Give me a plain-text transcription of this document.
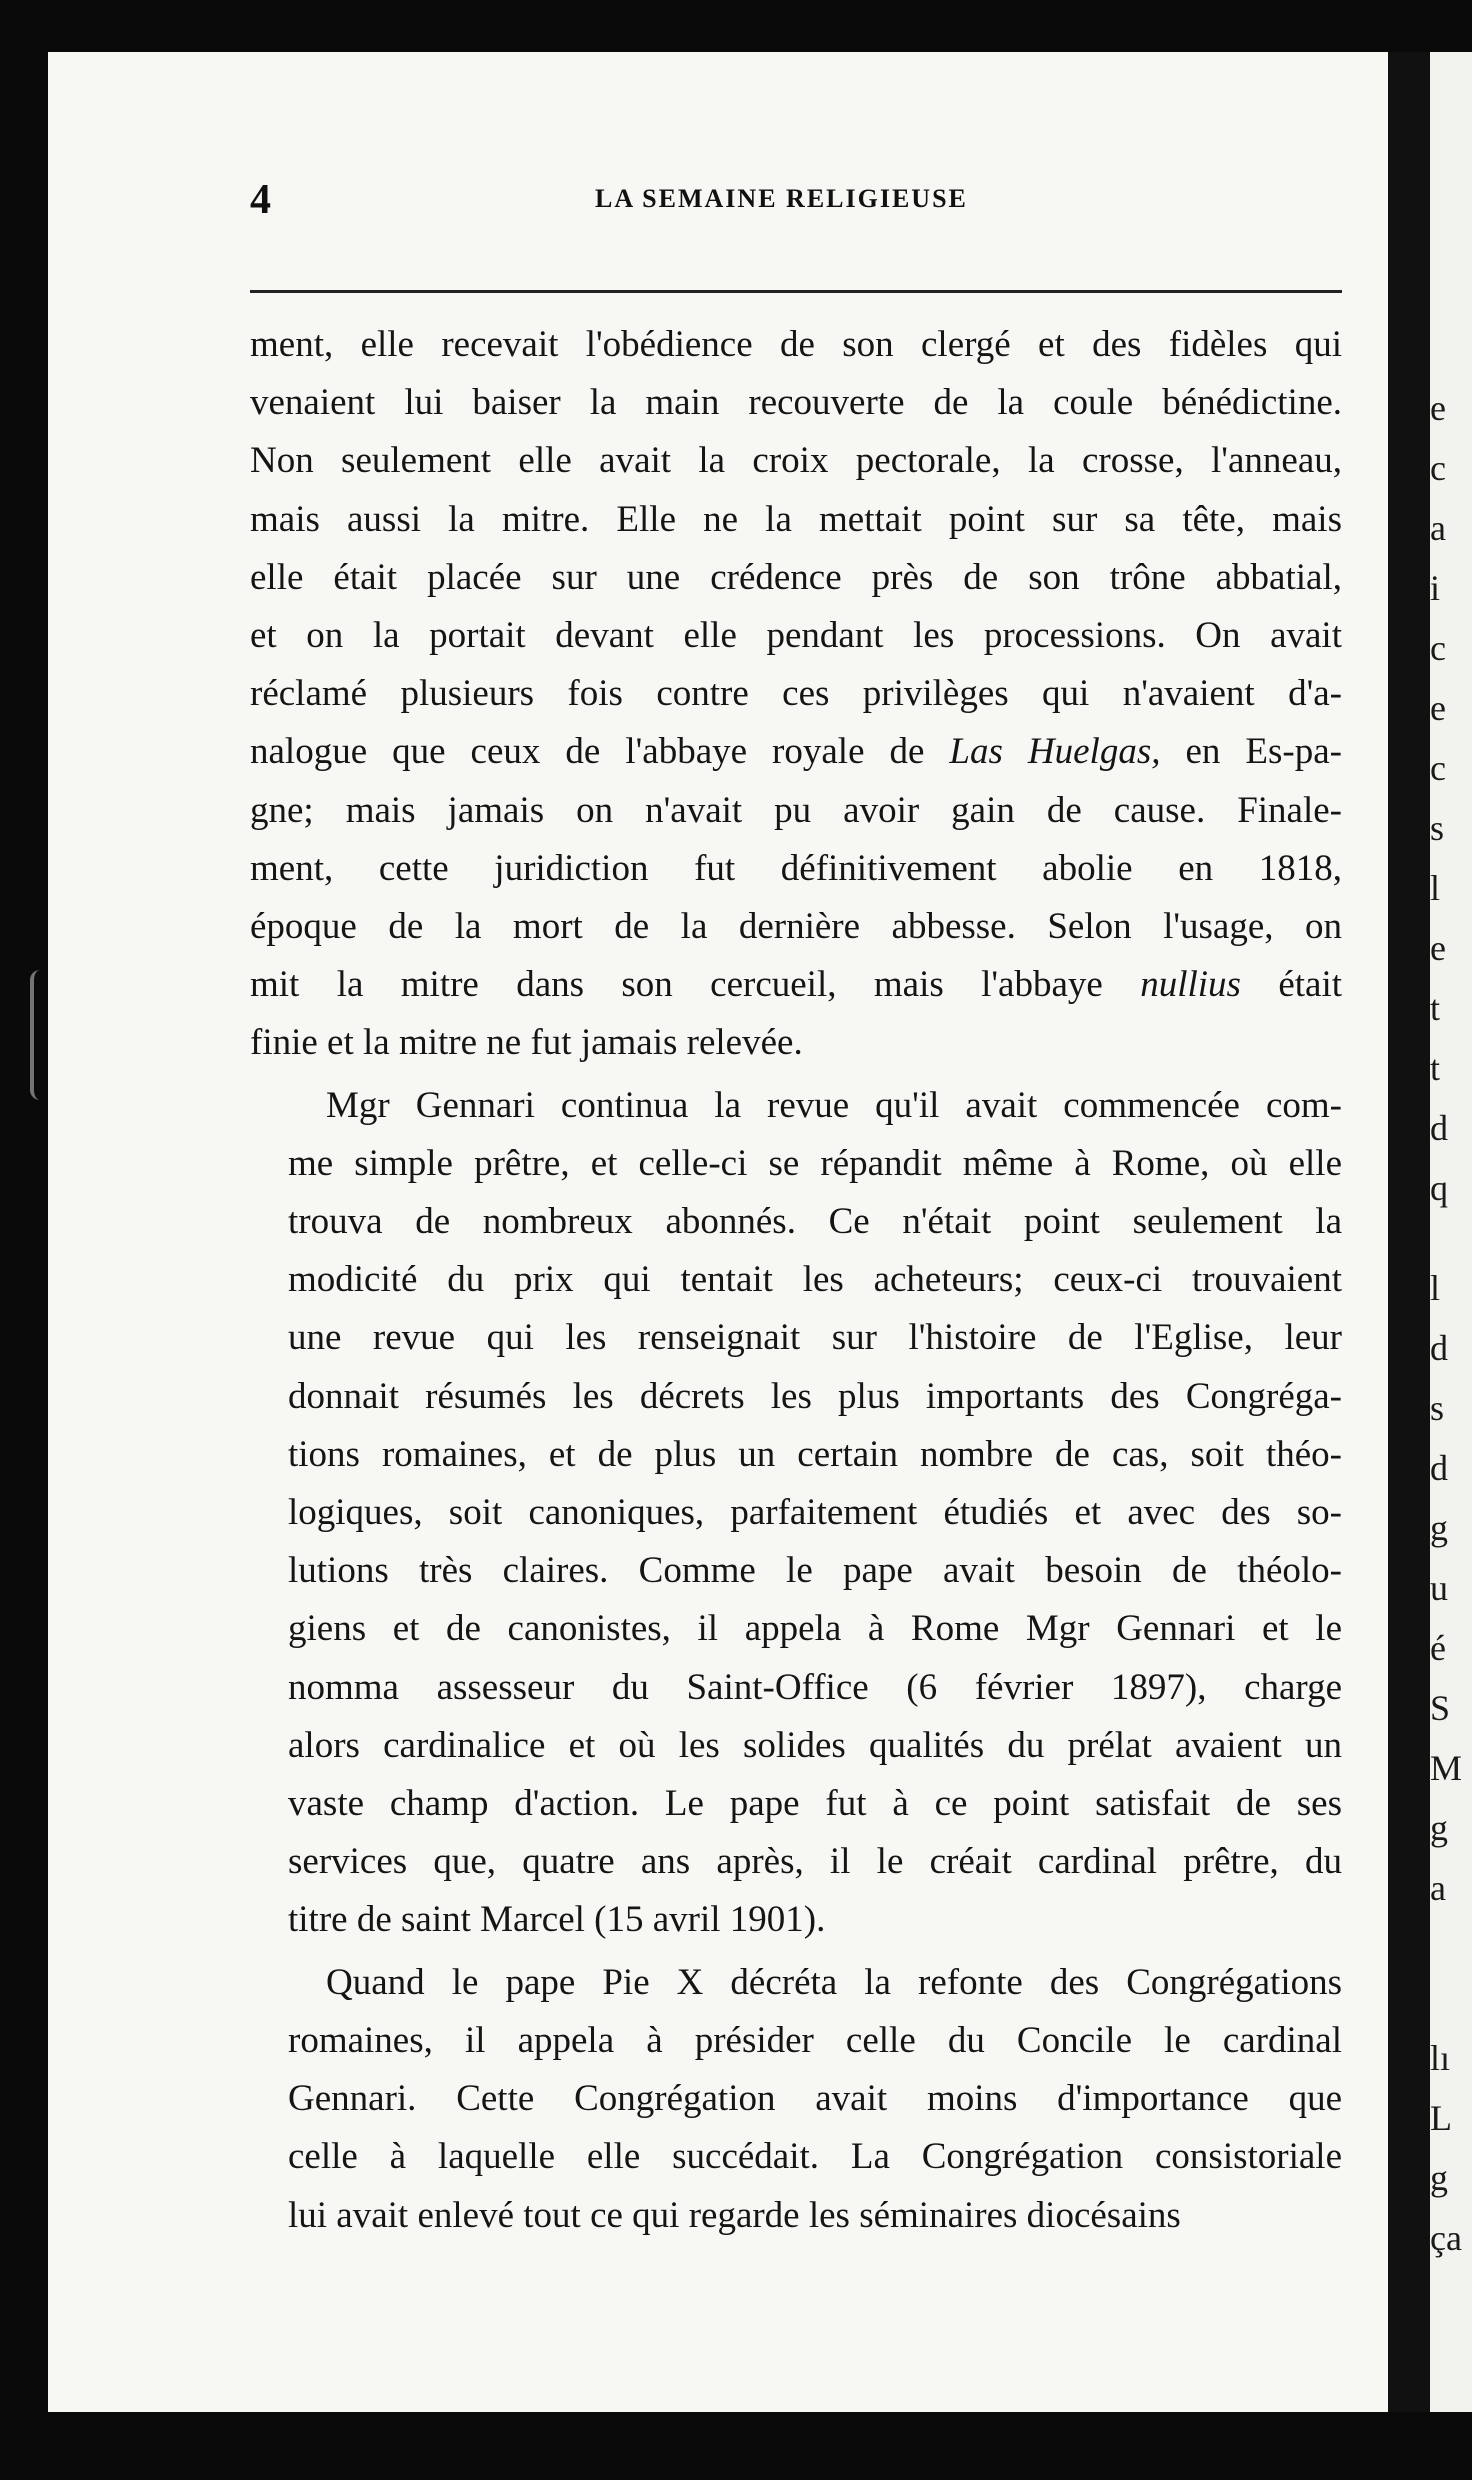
e
c
a
i
c
e
c
s
l
e
t
t
d
q
l
d
s
d
g
u
é
S
M
g
a
lı
L
g
ça
4	LA SEMAINE RELIGIEUSE
ment, elle recevait l'obédience de son clergé et des fidèles qui
venaient lui baiser la main recouverte de la coule bénédictine.
Non seulement elle avait la croix pectorale, la crosse, l'anneau,
mais aussi la mitre. Elle ne la mettait point sur sa tête, mais
elle était placée sur une crédence près de son trône abbatial,
et on la portait devant elle pendant les processions. On avait
réclamé plusieurs fois contre ces privilèges qui n'avaient d'a-
nalogue que ceux de l'abbaye royale de Las Huelgas, en Es-pa-
gne; mais jamais on n'avait pu avoir gain de cause. Finale-
ment, cette juridiction fut définitivement abolie en 1818,
époque de la mort de la dernière abbesse. Selon l'usage, on
mit la mitre dans son cercueil, mais l'abbaye nullius était
finie et la mitre ne fut jamais relevée.
Mgr Gennari continua la revue qu'il avait commencée com-
me simple prêtre, et celle-ci se répandit même à Rome, où elle
trouva de nombreux abonnés. Ce n'était point seulement la
modicité du prix qui tentait les acheteurs; ceux-ci trouvaient
une revue qui les renseignait sur l'histoire de l'Eglise, leur
donnait résumés les décrets les plus importants des Congréga-
tions romaines, et de plus un certain nombre de cas, soit théo-
logiques, soit canoniques, parfaitement étudiés et avec des so-
lutions très claires. Comme le pape avait besoin de théolo-
giens et de canonistes, il appela à Rome Mgr Gennari et le
nomma assesseur du Saint-Office (6 février 1897), charge
alors cardinalice et où les solides qualités du prélat avaient un
vaste champ d'action. Le pape fut à ce point satisfait de ses
services que, quatre ans après, il le créait cardinal prêtre, du
titre de saint Marcel (15 avril 1901).
Quand le pape Pie X décréta la refonte des Congrégations
romaines, il appela à présider celle du Concile le cardinal
Gennari. Cette Congrégation avait moins d'importance que
celle à laquelle elle succédait. La Congrégation consistoriale
lui avait enlevé tout ce qui regarde les séminaires diocésains
